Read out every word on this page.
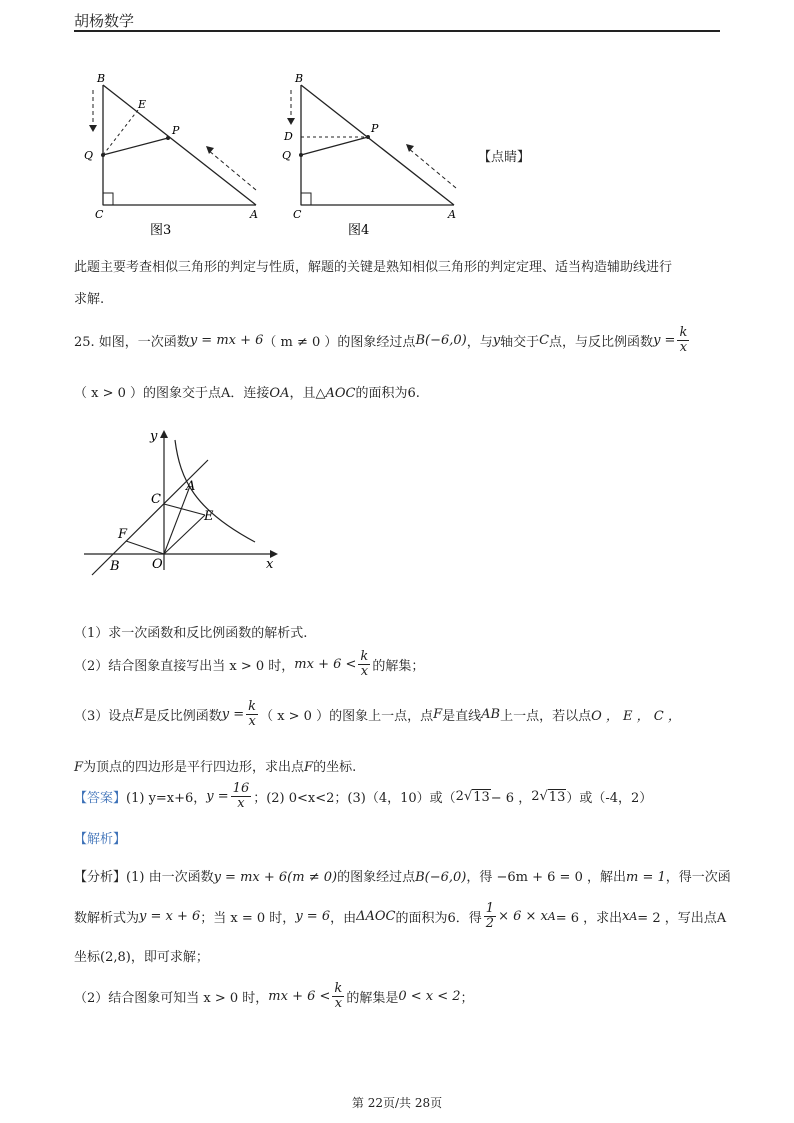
胡杨数学
B
E
P
Q
C	A
图3
B
D
P
Q
C	A
图4
【点睛】
此题主要考查相似三角形的判定与性质，解题的关键是熟知相似三角形的判定定理、适当构造辅助线进行
求解.
25. 如图，一次函数 y = mx + 6 （ m ≠ 0 ）的图象经过点 B(−6,0) ，与 y 轴交于 C 点，与反比例函数 $y = \frac{k}{x}$
（ x > 0 ）的图象交于点A．连接OA，且△AOC的面积为6.
y
x
C
A
E
F
B O
（1）求一次函数和反比例函数的解析式.
（2）结合图象直接写出当 x > 0 时， mx + $6 < \frac{k}{x}$ 的解集；
（3）设点 E 是反比例函数 $y = \frac{k}{x}$ （ x > 0 ）的图象上一点，点 F 是直线 AB 上一点，若以点 O ， E ， C ，
F为顶点的四边形是平行四边形，求出点F的坐标.
【答案】 (1) y=x+6， $y = \frac{16}{x}$ ；(2) 0<x<2；(3)（4，10）或（ 2 √ 13 − 6 ， 2 √ 13 ）或（-4，2）
【解析】
【分析】(1) 由一次函数y = mx + 6(m ≠ 0)的图象经过点B(−6,0)，得 −6m + 6 = 0 ，解出m = 1，得一次函
数解析式为 y = x + 6 ；当 x = 0 时， y = 6 ，由 ΔAOC 的面积为6．得 $\frac{1}{2} \times 6 \times x$ A = 6 ，求出 x A = 2 ，写出点A
坐标(2,8)，即可求解；
（2）结合图象可知当 x > 0 时， mx + $6 < \frac{k}{x}$ 的解集是 0 < x < 2 ；
第 22页/共 28页
